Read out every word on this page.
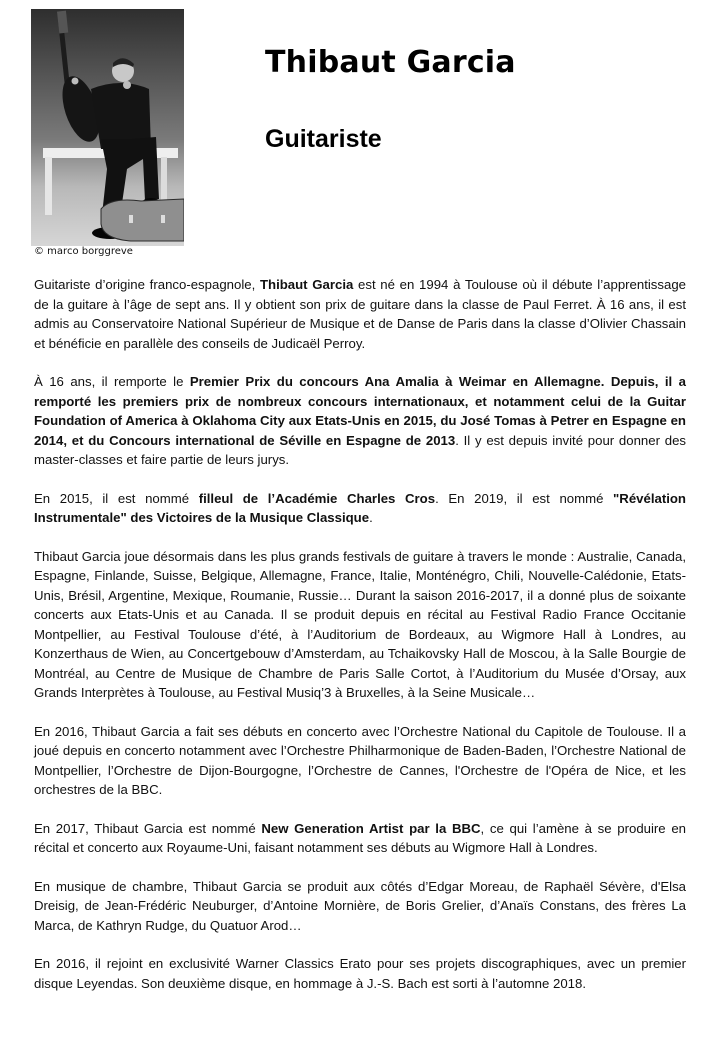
© marco borggreve
Thibaut Garcia
Guitariste

Guitariste d’origine franco-espagnole, Thibaut Garcia est né en 1994 à Toulouse où il débute l’apprentissage de la guitare à l’âge de sept ans. Il y obtient son prix de guitare dans la classe de Paul Ferret. À 16 ans, il est admis au Conservatoire National Supérieur de Musique et de Danse de Paris dans la classe d’Olivier Chassain et bénéficie en parallèle des conseils de Judicaël Perroy.

À 16 ans, il remporte le Premier Prix du concours Ana Amalia à Weimar en Allemagne. Depuis, il a remporté les premiers prix de nombreux concours internationaux, et notamment celui de la Guitar Foundation of America à Oklahoma City aux Etats-Unis en 2015, du José Tomas à Petrer en Espagne en 2014, et du Concours international de Séville en Espagne de 2013. Il y est depuis invité pour donner des master-classes et faire partie de leurs jurys.

En 2015, il est nommé filleul de l’Académie Charles Cros. En 2019, il est nommé "Révélation Instrumentale" des Victoires de la Musique Classique.

Thibaut Garcia joue désormais dans les plus grands festivals de guitare à travers le monde : Australie, Canada, Espagne, Finlande, Suisse, Belgique, Allemagne, France, Italie, Monténégro, Chili, Nouvelle-Calédonie, Etats-Unis, Brésil, Argentine, Mexique, Roumanie, Russie… Durant la saison 2016-2017, il a donné plus de soixante concerts aux Etats-Unis et au Canada. Il se produit depuis en récital au Festival Radio France Occitanie Montpellier, au Festival Toulouse d’été, à l’Auditorium de Bordeaux, au Wigmore Hall à Londres, au Konzerthaus de Wien, au Concertgebouw d’Amsterdam, au Tchaikovsky Hall de Moscou, à la Salle Bourgie de Montréal, au Centre de Musique de Chambre de Paris Salle Cortot, à l’Auditorium du Musée d’Orsay, aux Grands Interprètes à Toulouse, au Festival Musiq’3 à Bruxelles, à la Seine Musicale…

En 2016, Thibaut Garcia a fait ses débuts en concerto avec l’Orchestre National du Capitole de Toulouse. Il a joué depuis en concerto notamment avec l’Orchestre Philharmonique de Baden-Baden, l’Orchestre National de Montpellier, l’Orchestre de Dijon-Bourgogne, l’Orchestre de Cannes, l'Orchestre de l'Opéra de Nice, et les orchestres de la BBC.

En 2017, Thibaut Garcia est nommé New Generation Artist par la BBC, ce qui l’amène à se produire en récital et concerto aux Royaume-Uni, faisant notamment ses débuts au Wigmore Hall à Londres.

En musique de chambre, Thibaut Garcia se produit aux côtés d’Edgar Moreau, de Raphaël Sévère, d'Elsa Dreisig, de Jean-Frédéric Neuburger, d’Antoine Mornière, de Boris Grelier, d’Anaïs Constans, des frères La Marca, de Kathryn Rudge, du Quatuor Arod…

En 2016, il rejoint en exclusivité Warner Classics Erato pour ses projets discographiques, avec un premier disque Leyendas. Son deuxième disque, en hommage à J.-S. Bach est sorti à l’automne 2018.
